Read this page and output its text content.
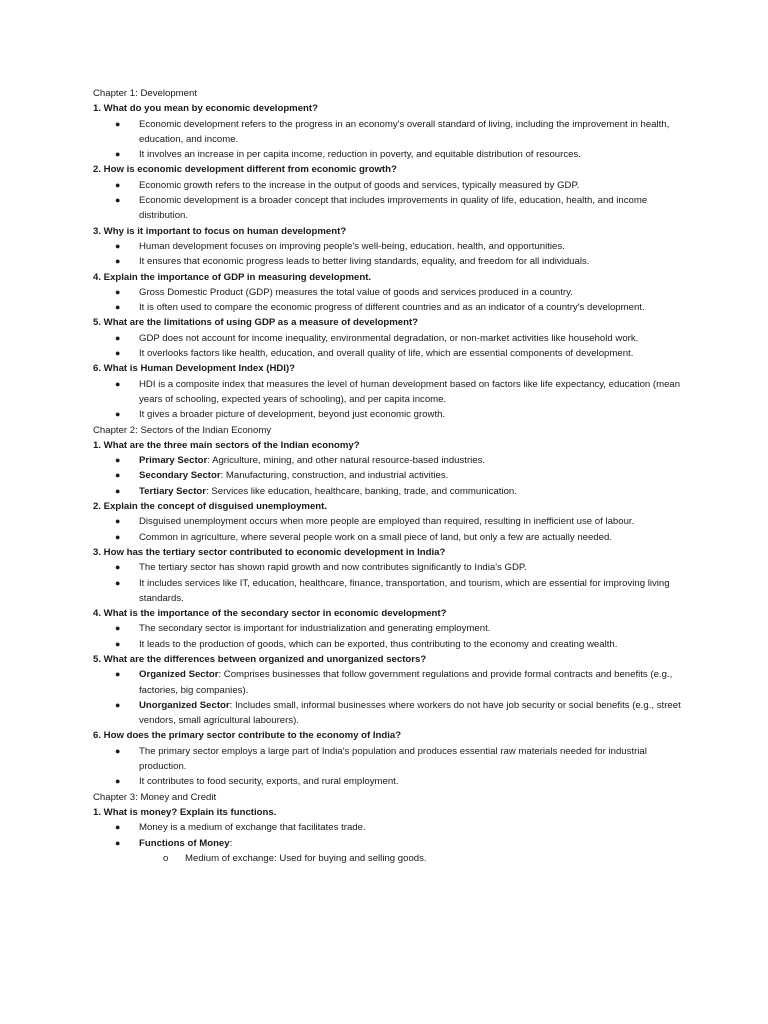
Chapter 1: Development
1. What do you mean by economic development?
● Economic development refers to the progress in an economy's overall standard of living, including the improvement in health, education, and income.
● It involves an increase in per capita income, reduction in poverty, and equitable distribution of resources.
2. How is economic development different from economic growth?
● Economic growth refers to the increase in the output of goods and services, typically measured by GDP.
● Economic development is a broader concept that includes improvements in quality of life, education, health, and income distribution.
3. Why is it important to focus on human development?
● Human development focuses on improving people's well-being, education, health, and opportunities.
● It ensures that economic progress leads to better living standards, equality, and freedom for all individuals.
4. Explain the importance of GDP in measuring development.
● Gross Domestic Product (GDP) measures the total value of goods and services produced in a country.
● It is often used to compare the economic progress of different countries and as an indicator of a country's development.
5. What are the limitations of using GDP as a measure of development?
● GDP does not account for income inequality, environmental degradation, or non-market activities like household work.
● It overlooks factors like health, education, and overall quality of life, which are essential components of development.
6. What is Human Development Index (HDI)?
● HDI is a composite index that measures the level of human development based on factors like life expectancy, education (mean years of schooling, expected years of schooling), and per capita income.
● It gives a broader picture of development, beyond just economic growth.
Chapter 2: Sectors of the Indian Economy
1. What are the three main sectors of the Indian economy?
● Primary Sector: Agriculture, mining, and other natural resource-based industries.
● Secondary Sector: Manufacturing, construction, and industrial activities.
● Tertiary Sector: Services like education, healthcare, banking, trade, and communication.
2. Explain the concept of disguised unemployment.
● Disguised unemployment occurs when more people are employed than required, resulting in inefficient use of labour.
● Common in agriculture, where several people work on a small piece of land, but only a few are actually needed.
3. How has the tertiary sector contributed to economic development in India?
● The tertiary sector has shown rapid growth and now contributes significantly to India's GDP.
● It includes services like IT, education, healthcare, finance, transportation, and tourism, which are essential for improving living standards.
4. What is the importance of the secondary sector in economic development?
● The secondary sector is important for industrialization and generating employment.
● It leads to the production of goods, which can be exported, thus contributing to the economy and creating wealth.
5. What are the differences between organized and unorganized sectors?
● Organized Sector: Comprises businesses that follow government regulations and provide formal contracts and benefits (e.g., factories, big companies).
● Unorganized Sector: Includes small, informal businesses where workers do not have job security or social benefits (e.g., street vendors, small agricultural labourers).
6. How does the primary sector contribute to the economy of India?
● The primary sector employs a large part of India's population and produces essential raw materials needed for industrial production.
● It contributes to food security, exports, and rural employment.
Chapter 3: Money and Credit
1. What is money? Explain its functions.
● Money is a medium of exchange that facilitates trade.
● Functions of Money:
o Medium of exchange: Used for buying and selling goods.
